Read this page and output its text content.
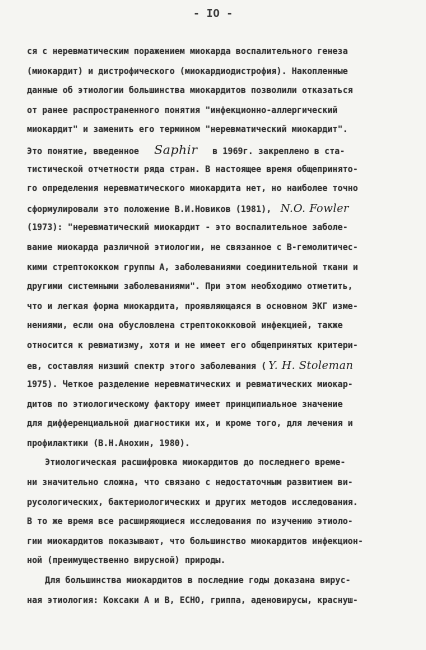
- IO -
ся с неревматическим поражением миокарда воспалительного генеза
(миокардит) и дистрофического (миокардиодистрофия). Накопленные
данные об этиологии большинства миокардитов позволили отказаться
от ранее распространенного понятия "инфекционно-аллергический
миокардит" и заменить его термином "неревматический миокардит".
Это понятие, введенное Saphir в 1969г. закреплено в ста-
тистической отчетности ряда стран. В настоящее время общепринято-
го определения неревматического миокардита нет, но наиболее точно
сформулировали это положение В.И.Новиков (1981), N.O. Fowler
(1973): "неревматический миокардит - это воспалительное заболе-
вание миокарда различной этиологии, не связанное с В-гемолитичес-
кими стрептококком группы А, заболеваниями соединительной ткани и
другими системными заболеваниями". При этом необходимо отметить,
что и легкая форма миокардита, проявляющаяся в основном ЭКГ изме-
нениями, если она обусловлена стрептококковой инфекцией, также
относится к ревматизму, хотя и не имеет его общепринятых критери-
ев, составляя низший спектр этого заболевания ( Y. H. Stoleman
1975). Четкое разделение неревматических и ревматических миокар-
дитов по этиологическому фактору имеет принципиальное значение
для дифференциальной диагностики их, и кроме того, для лечения и
профилактики (В.Н.Анохин, 1980).
Этиологическая расшифровка миокардитов до последнего време-
ни значительно сложна, что связано с недостаточным развитием ви-
русологических, бактериологических и других методов исследования.
В то же время все расширяющиеся исследования по изучению этиоло-
гии миокардитов показывают, что большинство миокардитов инфекцион-
ной (преимущественно вирусной) природы.
Для большинства миокардитов в последние годы доказана вирус-
ная этиология: Коксаки А и В, ECHO, гриппа, аденовирусы, краснуш-
